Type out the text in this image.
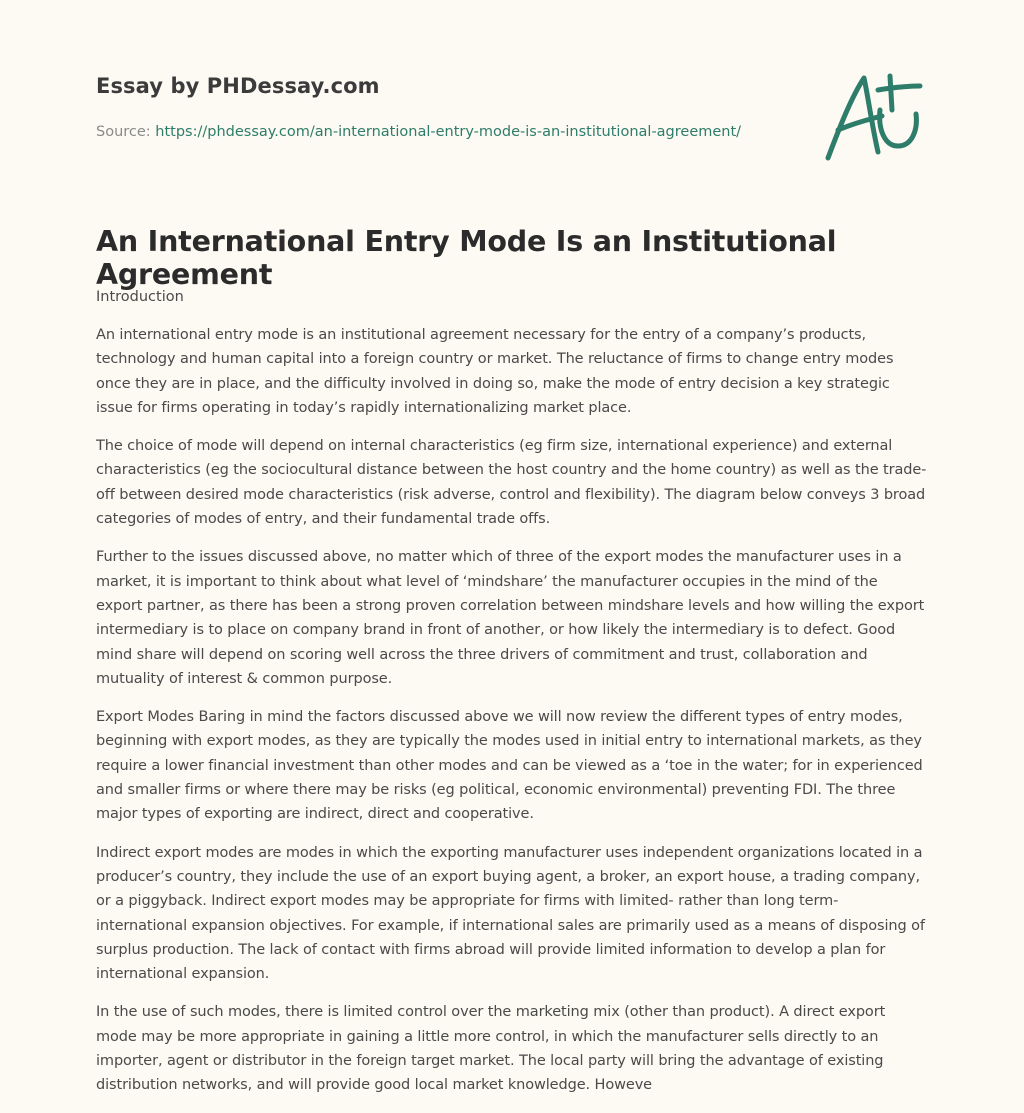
Essay by PHDessay.com
Source: https://phdessay.com/an-international-entry-mode-is-an-institutional-agreement/
An International Entry Mode Is an Institutional Agreement

Introduction

An international entry mode is an institutional agreement necessary for the entry of a company’s products, technology and human capital into a foreign country or market. The reluctance of firms to change entry modes once they are in place, and the difficulty involved in doing so, make the mode of entry decision a key strategic issue for firms operating in today’s rapidly internationalizing market place.

The choice of mode will depend on internal characteristics (eg firm size, international experience) and external characteristics (eg the sociocultural distance between the host country and the home country) as well as the trade-off between desired mode characteristics (risk adverse, control and flexibility). The diagram below conveys 3 broad categories of modes of entry, and their fundamental trade offs.

Further to the issues discussed above, no matter which of three of the export modes the manufacturer uses in a market, it is important to think about what level of ‘mindshare’ the manufacturer occupies in the mind of the export partner, as there has been a strong proven correlation between mindshare levels and how willing the export intermediary is to place on company brand in front of another, or how likely the intermediary is to defect. Good mind share will depend on scoring well across the three drivers of commitment and trust, collaboration and mutuality of interest & common purpose.

Export Modes Baring in mind the factors discussed above we will now review the different types of entry modes, beginning with export modes, as they are typically the modes used in initial entry to international markets, as they require a lower financial investment than other modes and can be viewed as a ‘toe in the water; for in experienced and smaller firms or where there may be risks (eg political, economic environmental) preventing FDI. The three major types of exporting are indirect, direct and cooperative.

Indirect export modes are modes in which the exporting manufacturer uses independent organizations located in a producer’s country, they include the use of an export buying agent, a broker, an export house, a trading company, or a piggyback. Indirect export modes may be appropriate for firms with limited- rather than long term- international expansion objectives. For example, if international sales are primarily used as a means of disposing of surplus production. The lack of contact with firms abroad will provide limited information to develop a plan for international expansion.

In the use of such modes, there is limited control over the marketing mix (other than product). A direct export mode may be more appropriate in gaining a little more control, in which the manufacturer sells directly to an importer, agent or distributor in the foreign target market. The local party will bring the advantage of existing distribution networks, and will provide good local market knowledge. Howeve
